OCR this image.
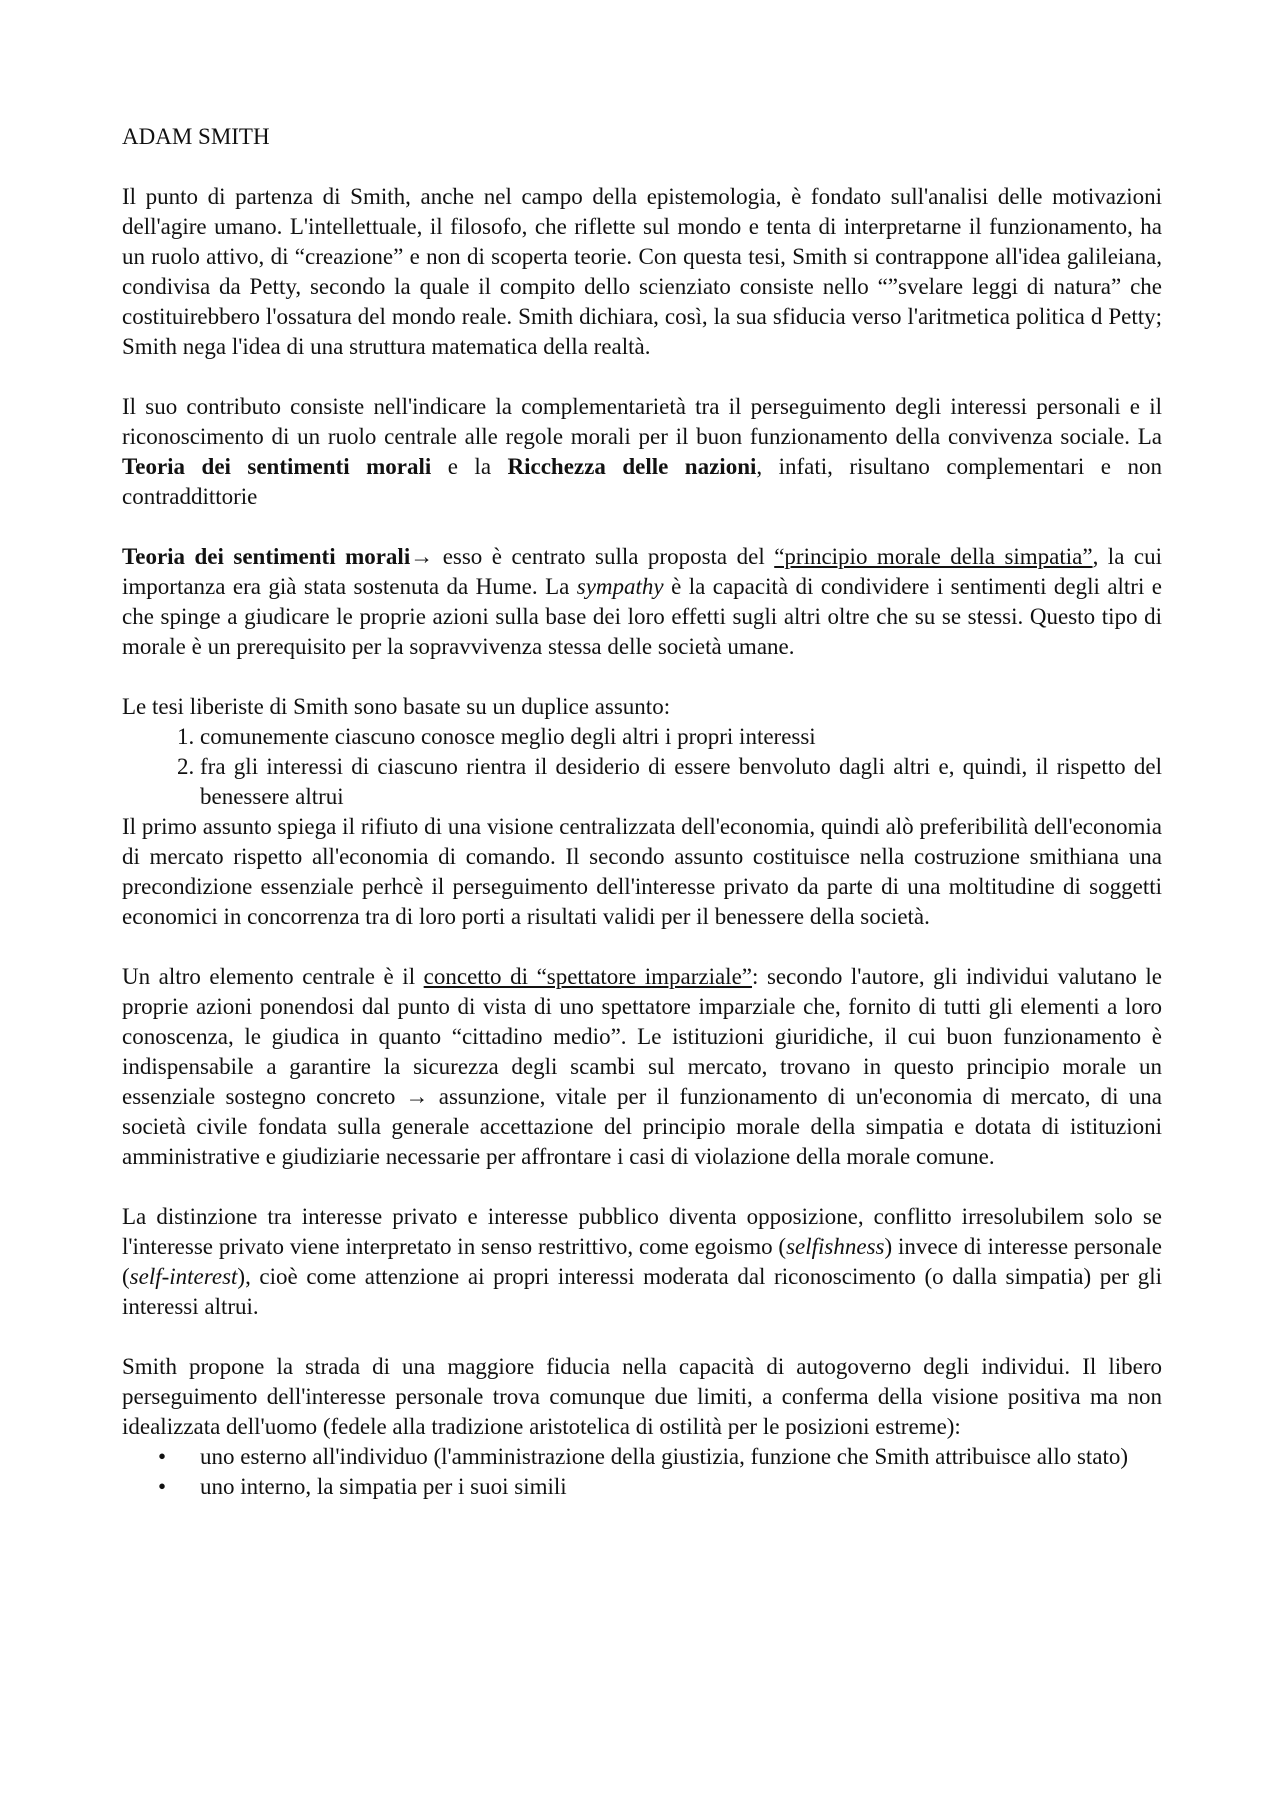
ADAM SMITH

Il punto di partenza di Smith, anche nel campo della epistemologia, è fondato sull'analisi delle motivazioni dell'agire umano. L'intellettuale, il filosofo, che riflette sul mondo e tenta di interpretarne il funzionamento, ha un ruolo attivo, di “creazione” e non di scoperta teorie. Con questa tesi, Smith si contrappone all'idea galileiana, condivisa da Petty, secondo la quale il compito dello scienziato consiste nello “”svelare leggi di natura” che costituirebbero l'ossatura del mondo reale. Smith dichiara, così, la sua sfiducia verso l'aritmetica politica d Petty; Smith nega l'idea di una struttura matematica della realtà.

Il suo contributo consiste nell'indicare la complementarietà tra il perseguimento degli interessi personali e il riconoscimento di un ruolo centrale alle regole morali per il buon funzionamento della convivenza sociale. La Teoria dei sentimenti morali e la Ricchezza delle nazioni, infati, risultano complementari e non contraddittorie

Teoria dei sentimenti morali→ esso è centrato sulla proposta del “principio morale della simpatia”, la cui importanza era già stata sostenuta da Hume. La sympathy è la capacità di condividere i sentimenti degli altri e che spinge a giudicare le proprie azioni sulla base dei loro effetti sugli altri oltre che su se stessi. Questo tipo di morale è un prerequisito per la sopravvivenza stessa delle società umane.

Le tesi liberiste di Smith sono basate su un duplice assunto:

1. comunemente ciascuno conosce meglio degli altri i propri interessi
2. fra gli interessi di ciascuno rientra il desiderio di essere benvoluto dagli altri e, quindi, il rispetto del benessere altrui

Il primo assunto spiega il rifiuto di una visione centralizzata dell'economia, quindi alò preferibilità dell'economia di mercato rispetto all'economia di comando. Il secondo assunto costituisce nella costruzione smithiana una precondizione essenziale perhcè il perseguimento dell'interesse privato da parte di una moltitudine di soggetti economici in concorrenza tra di loro porti a risultati validi per il benessere della società.

Un altro elemento centrale è il concetto di “spettatore imparziale”: secondo l'autore, gli individui valutano le proprie azioni ponendosi dal punto di vista di uno spettatore imparziale che, fornito di tutti gli elementi a loro conoscenza, le giudica in quanto “cittadino medio”. Le istituzioni giuridiche, il cui buon funzionamento è indispensabile a garantire la sicurezza degli scambi sul mercato, trovano in questo principio morale un essenziale sostegno concreto → assunzione, vitale per il funzionamento di un'economia di mercato, di una società civile fondata sulla generale accettazione del principio morale della simpatia e dotata di istituzioni amministrative e giudiziarie necessarie per affrontare i casi di violazione della morale comune.

La distinzione tra interesse privato e interesse pubblico diventa opposizione, conflitto irresolubilem solo se l'interesse privato viene interpretato in senso restrittivo, come egoismo (selfishness) invece di interesse personale (self-interest), cioè come attenzione ai propri interessi moderata dal riconoscimento (o dalla simpatia) per gli interessi altrui.

Smith propone la strada di una maggiore fiducia nella capacità di autogoverno degli individui. Il libero perseguimento dell'interesse personale trova comunque due limiti, a conferma della visione positiva ma non idealizzata dell'uomo (fedele alla tradizione aristotelica di ostilità per le posizioni estreme):

• uno esterno all'individuo (l'amministrazione della giustizia, funzione che Smith attribuisce allo stato)
• uno interno, la simpatia per i suoi simili
